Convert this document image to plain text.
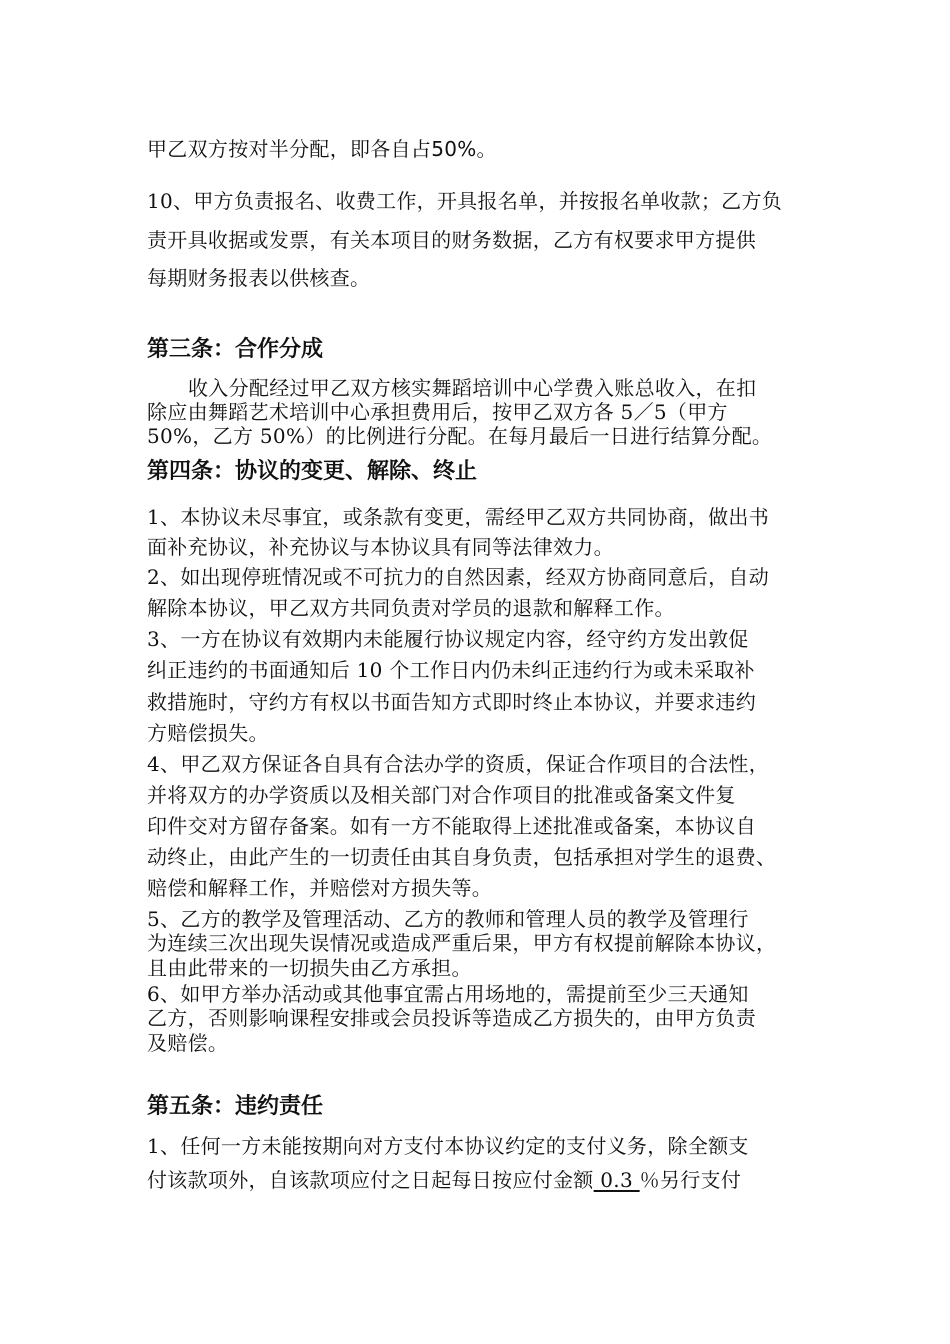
甲乙双方按对半分配，即各自占50%。
10、甲方负责报名、收费工作，开具报名单，并按报名单收款；乙方负
责开具收据或发票，有关本项目的财务数据，乙方有权要求甲方提供
每期财务报表以供核查。
第三条：合作分成
收入分配经过甲乙双方核实舞蹈培训中心学费入账总收入，在扣
除应由舞蹈艺术培训中心承担费用后，按甲乙双方各 5／5（甲方
50%，乙方 50%）的比例进行分配。在每月最后一日进行结算分配。
第四条：协议的变更、解除、终止
1、本协议未尽事宜，或条款有变更，需经甲乙双方共同协商，做出书
面补充协议，补充协议与本协议具有同等法律效力。
2、如出现停班情况或不可抗力的自然因素，经双方协商同意后，自动
解除本协议，甲乙双方共同负责对学员的退款和解释工作。
3、一方在协议有效期内未能履行协议规定内容，经守约方发出敦促
纠正违约的书面通知后 10 个工作日内仍未纠正违约行为或未采取补
救措施时，守约方有权以书面告知方式即时终止本协议，并要求违约
方赔偿损失。
4、甲乙双方保证各自具有合法办学的资质，保证合作项目的合法性，
并将双方的办学资质以及相关部门对合作项目的批准或备案文件复
印件交对方留存备案。如有一方不能取得上述批准或备案，本协议自
动终止，由此产生的一切责任由其自身负责，包括承担对学生的退费、
赔偿和解释工作，并赔偿对方损失等。
5、乙方的教学及管理活动、乙方的教师和管理人员的教学及管理行
为连续三次出现失误情况或造成严重后果，甲方有权提前解除本协议，
且由此带来的一切损失由乙方承担。
6、如甲方举办活动或其他事宜需占用场地的，需提前至少三天通知
乙方，否则影响课程安排或会员投诉等造成乙方损失的，由甲方负责
及赔偿。
第五条：违约责任
1、任何一方未能按期向对方支付本协议约定的支付义务，除全额支
付该款项外，自该款项应付之日起每日按应付金额 0.3 ％另行支付
